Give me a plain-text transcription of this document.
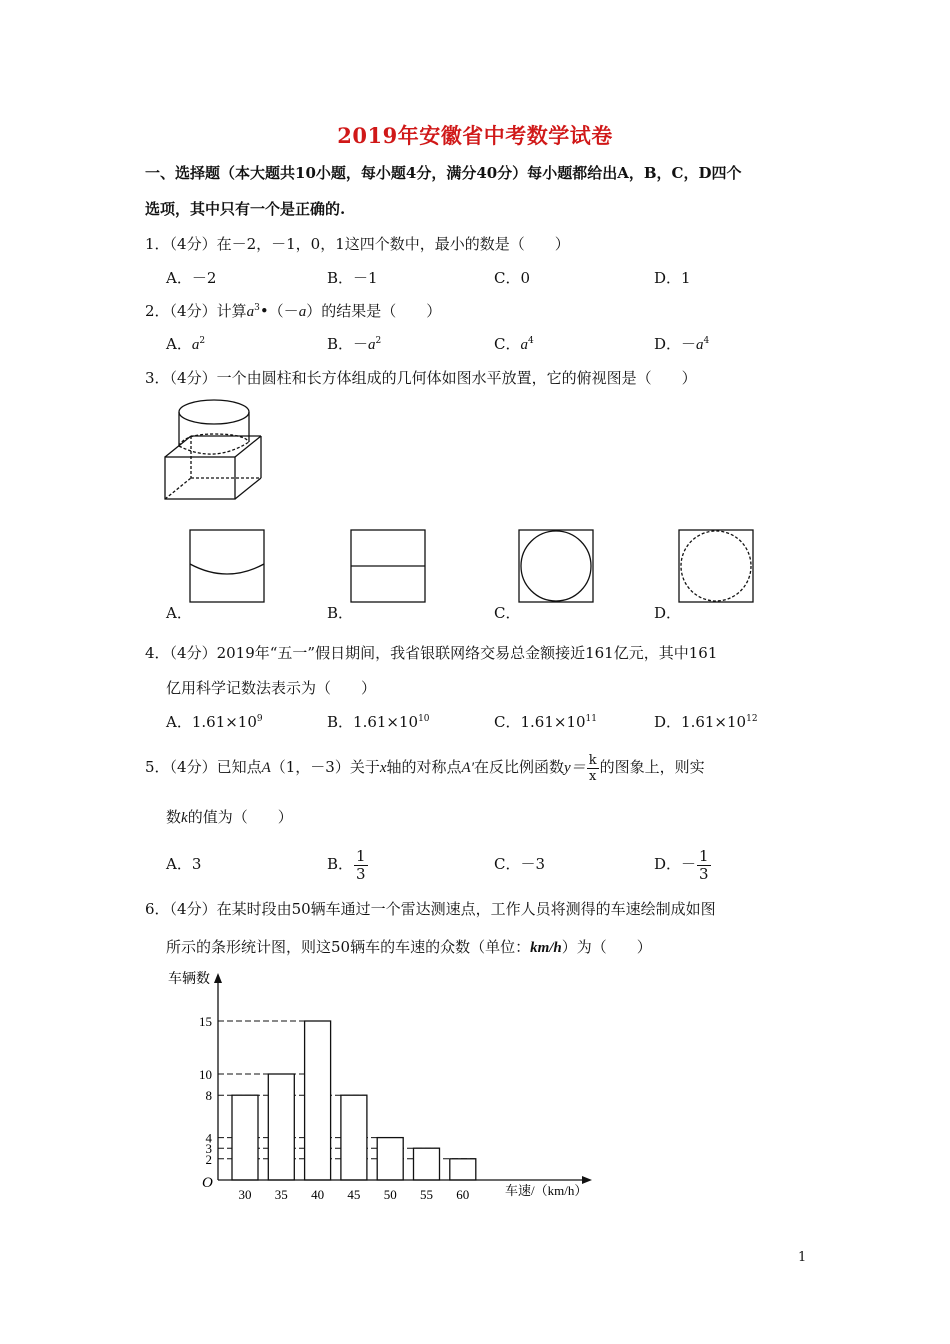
2019年安徽省中考数学试卷
一、选择题（本大题共10小题，每小题4分，满分40分）每小题都给出A，B，C，D四个
选项，其中只有一个是正确的.
1．（4分）在－2，－1，0，1这四个数中，最小的数是（　　）
A．－2	B．－1	C．0	D．1
2．（4分）计算$a^3•(-a)$的结果是（　　）
A．$a^2$	B．$-a^2$	C．$a^4$	D．$-a^4$
3．（4分）一个由圆柱和长方体组成的几何体如图水平放置，它的俯视图是（　　）
A．	B．	C．	D．
4．（4分）2019年“五一”假日期间，我省银联网络交易总金额接近161亿元，其中161
亿用科学记数法表示为（　　）
A．$1.61\times 10^9$	B．$1.61\times 10^{10}$	C．$1.61\times 10^{11}$	D．$1.61\times 10^{12}$
5．（4分）已知点A（1，－3）关于x轴的对称点A′在反比例函数$y= \frac{k}{x}$ 的图象上，则实
数k的值为（　　）
A．3	B． $\frac{1}{3}$	C．－3	D．－ $\frac{1}{3}$
6．（4分）在某时段由50辆车通过一个雷达测速点，工作人员将测得的车速绘制成如图
所示的条形统计图，则这50辆车的车速的众数（单位：km/h）为（　　）
2
3
4
8
10
15
30 35 40 45 50 55 60
车辆数
车速/（km/h）
O
1
